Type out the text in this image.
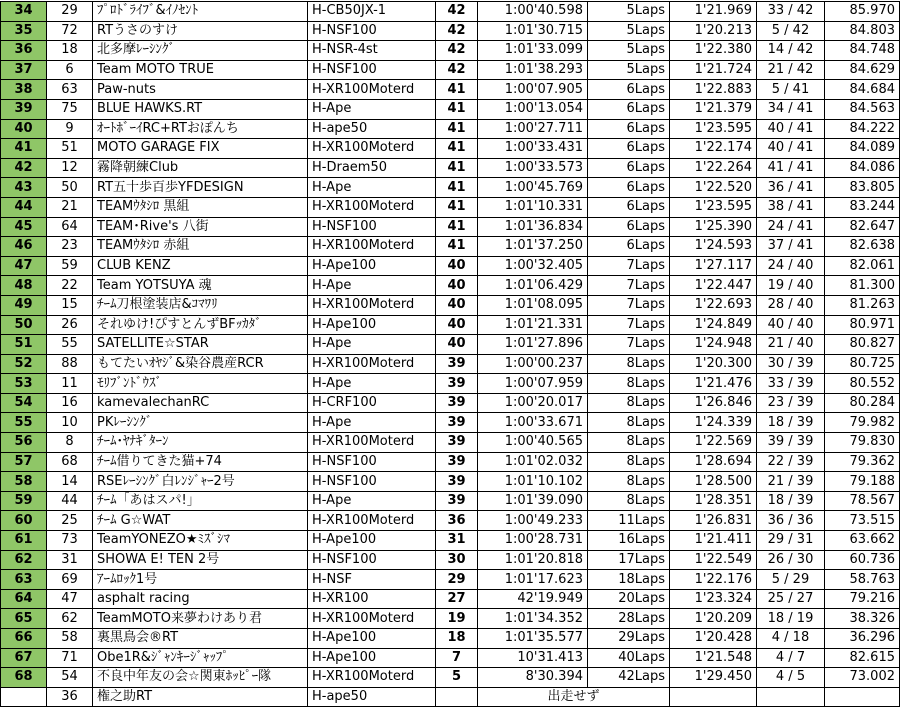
34	29	ﾌﾟﾛﾄﾞﾗｲﾌﾞ&ｲﾉｾﾝﾄ	H-CB50JX-1	42	1:00'40.598	5Laps	1'21.969	33 / 42	85.970
35	72	RTうさのすけ	H-NSF100	42	1:01'30.715	5Laps	1'20.213	5 / 42	84.803
36	18	北多摩ﾚｰｼﾝｸﾞ	H-NSR-4st	42	1:01'33.099	5Laps	1'22.380	14 / 42	84.748
37	6	Team MOTO TRUE	H-NSF100	42	1:01'38.293	5Laps	1'21.724	21 / 42	84.629
38	63	Paw-nuts	H-XR100Moterd	41	1:00'07.905	6Laps	1'22.883	5 / 41	84.684
39	75	BLUE HAWKS.RT	H-Ape	41	1:00'13.054	6Laps	1'21.379	34 / 41	84.563
40	9	ｵｰﾄﾎﾞｰｲRC+RTおぽんち	H-ape50	41	1:00'27.711	6Laps	1'23.595	40 / 41	84.222
41	51	MOTO GARAGE FIX	H-XR100Moterd	41	1:00'33.431	6Laps	1'22.174	40 / 41	84.089
42	12	霧降朝練Club	H-Draem50	41	1:00'33.573	6Laps	1'22.264	41 / 41	84.086
43	50	RT五十歩百歩YFDESIGN	H-Ape	41	1:00'45.769	6Laps	1'22.520	36 / 41	83.805
44	21	TEAMｳﾀｼﾛ 黒組	H-XR100Moterd	41	1:01'10.331	6Laps	1'23.595	38 / 41	83.244
45	64	TEAM･Rive's 八街	H-NSF100	41	1:01'36.834	6Laps	1'25.390	24 / 41	82.647
46	23	TEAMｳﾀｼﾛ 赤組	H-XR100Moterd	41	1:01'37.250	6Laps	1'24.593	37 / 41	82.638
47	59	CLUB KENZ	H-Ape100	40	1:00'32.405	7Laps	1'27.117	24 / 40	82.061
48	22	Team YOTSUYA 魂	H-Ape	40	1:01'06.429	7Laps	1'22.447	19 / 40	81.300
49	15	ﾁｰﾑ刀根塗装店&ｺﾏﾜﾘ	H-XR100Moterd	40	1:01'08.095	7Laps	1'22.693	28 / 40	81.263
50	26	それゆけ!ぴすとんずBFｯｶﾀﾞ	H-Ape100	40	1:01'21.331	7Laps	1'24.849	40 / 40	80.971
51	55	SATELLITE☆STAR	H-Ape	40	1:01'27.896	7Laps	1'24.948	21 / 40	80.827
52	88	もてたいｵﾔｼﾞ&染谷農産RCR	H-XR100Moterd	39	1:00'00.237	8Laps	1'20.300	30 / 39	80.725
53	11	ﾓﾘﾌﾞﾝﾄﾞｳｽﾞ	H-Ape	39	1:00'07.959	8Laps	1'21.476	33 / 39	80.552
54	16	kamevalechanRC	H-CRF100	39	1:00'20.017	8Laps	1'26.846	23 / 39	80.284
55	10	PKﾚｰｼﾝｸﾞ	H-Ape	39	1:00'33.671	8Laps	1'24.339	18 / 39	79.982
56	8	ﾁｰﾑ･ﾔﾅｷﾞﾀｰﾝ	H-XR100Moterd	39	1:00'40.565	8Laps	1'22.569	39 / 39	79.830
57	68	ﾁｰﾑ借りてきた猫+74	H-NSF100	39	1:01'02.032	8Laps	1'28.694	22 / 39	79.362
58	14	RSEﾚｰｼﾝｸﾞ白ﾚﾝｼﾞｬｰ2号	H-NSF100	39	1:01'10.102	8Laps	1'28.500	21 / 39	79.188
59	44	ﾁｰﾑ「あはスパ!」	H-Ape	39	1:01'39.090	8Laps	1'28.351	18 / 39	78.567
60	25	ﾁｰﾑ G☆WAT	H-XR100Moterd	36	1:00'49.233	11Laps	1'26.831	36 / 36	73.515
61	73	TeamYONEZO★ﾐｽﾞｼﾏ	H-Ape100	31	1:00'28.731	16Laps	1'21.411	29 / 31	63.662
62	31	SHOWA E! TEN 2号	H-NSF100	30	1:01'20.818	17Laps	1'22.549	26 / 30	60.736
63	69	ｱｰﾑﾛｯｸ1号	H-NSF	29	1:01'17.623	18Laps	1'22.176	5 / 29	58.763
64	47	asphalt racing	H-XR100	27	42'19.949	20Laps	1'23.324	25 / 27	79.216
65	62	TeamMOTO来夢わけあり君	H-XR100Moterd	19	1:01'34.352	28Laps	1'20.209	18 / 19	38.326
66	58	裏黒鳥会®RT	H-Ape100	18	1:01'35.577	29Laps	1'20.428	4 / 18	36.296
67	71	Obe1R&ｼﾞｬﾝｷｰｼﾞｬｯﾌﾟ	H-Ape100	7	10'31.413	40Laps	1'21.548	4 / 7	82.615
68	54	不良中年友の会☆関東ﾎｯﾋﾟｰ隊	H-XR100Moterd	5	8'30.394	42Laps	1'29.450	4 / 5	73.002
	36	権之助RT	H-ape50		出走せず				
